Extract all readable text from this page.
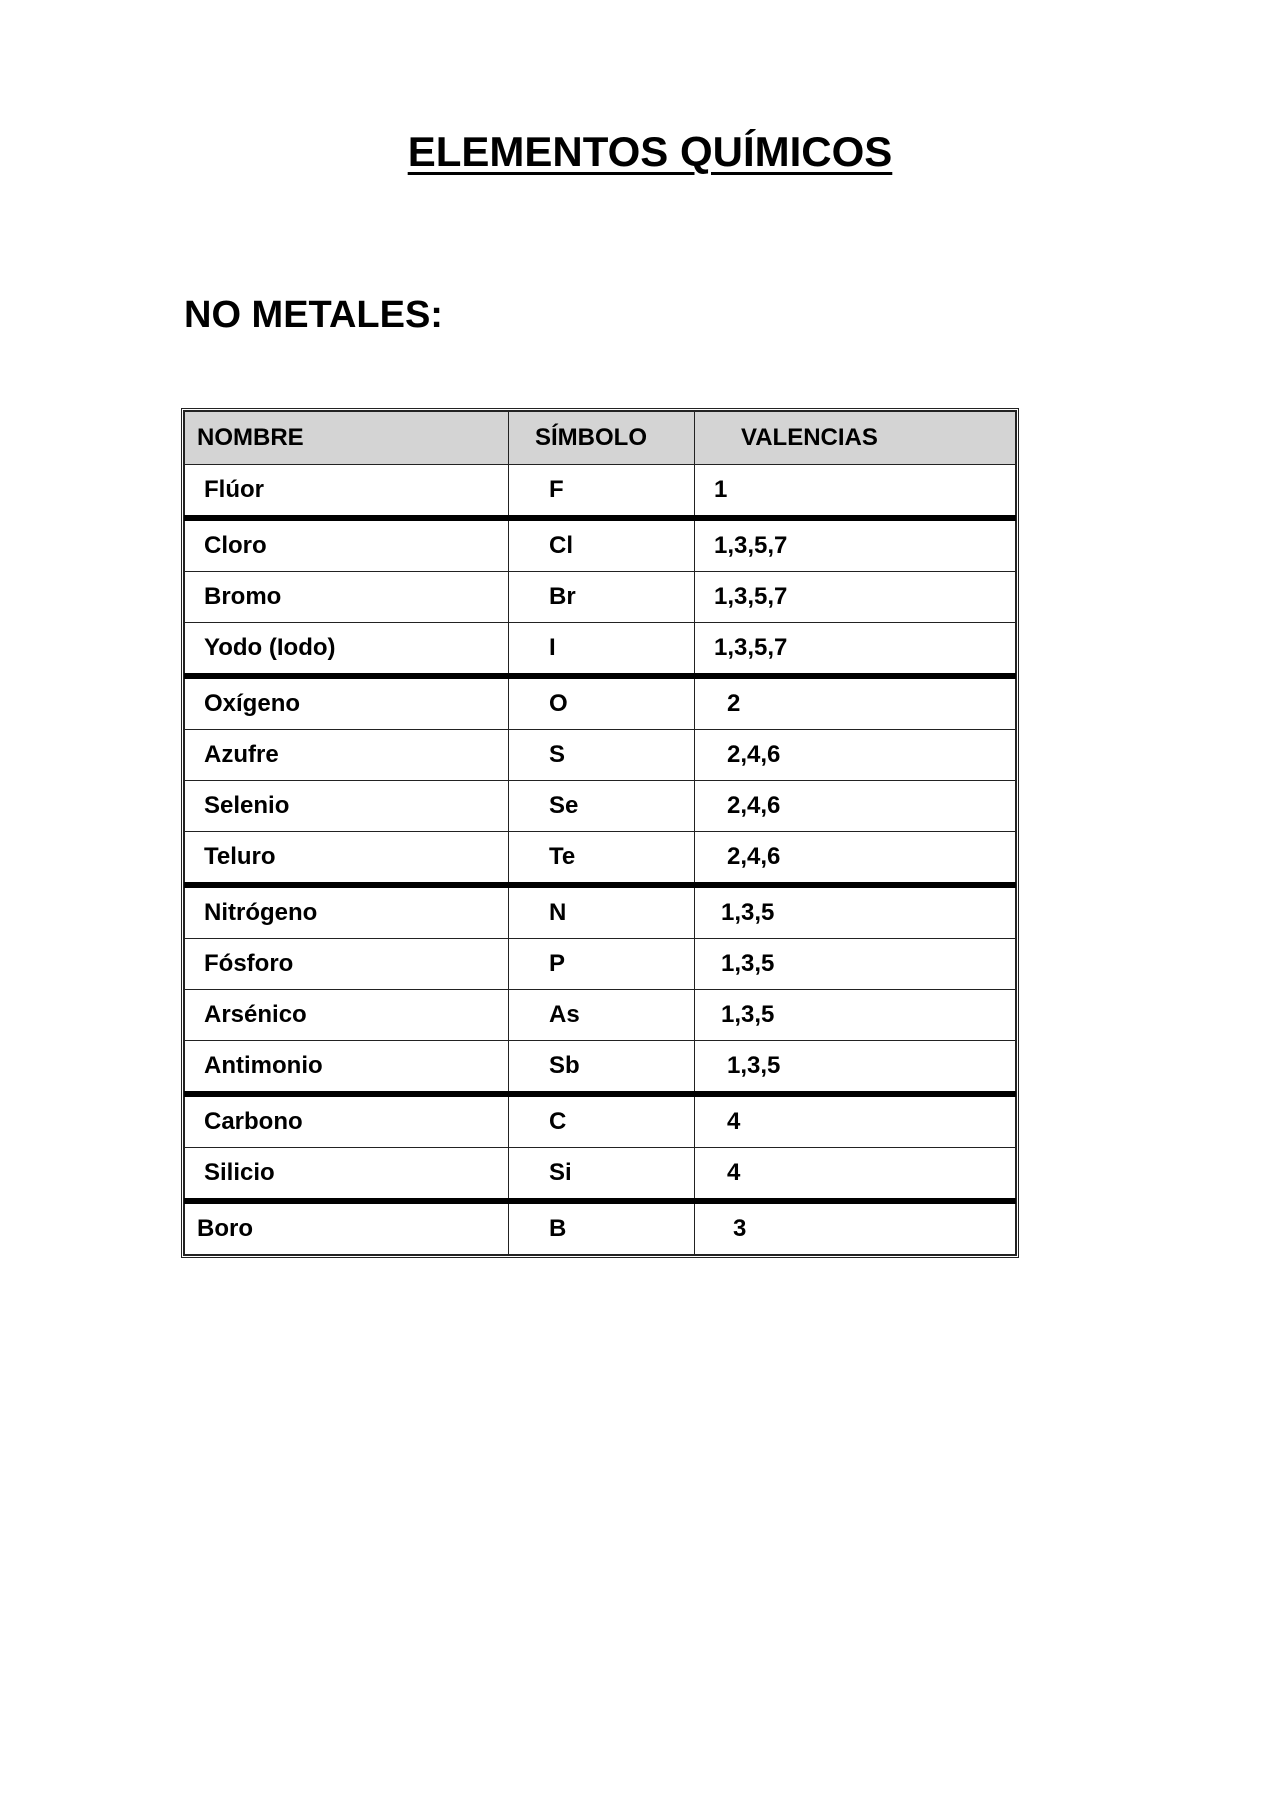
ELEMENTOS QUÍMICOS
NO METALES:
NOMBRE	SÍMBOLO	VALENCIAS
Flúor	F	1
Cloro	Cl	1,3,5,7
Bromo	Br	1,3,5,7
Yodo (Iodo)	I	1,3,5,7
Oxígeno	O	2
Azufre	S	2,4,6
Selenio	Se	2,4,6
Teluro	Te	2,4,6
Nitrógeno	N	1,3,5
Fósforo	P	1,3,5
Arsénico	As	1,3,5
Antimonio	Sb	1,3,5
Carbono	C	4
Silicio	Si	4
Boro	B	3
